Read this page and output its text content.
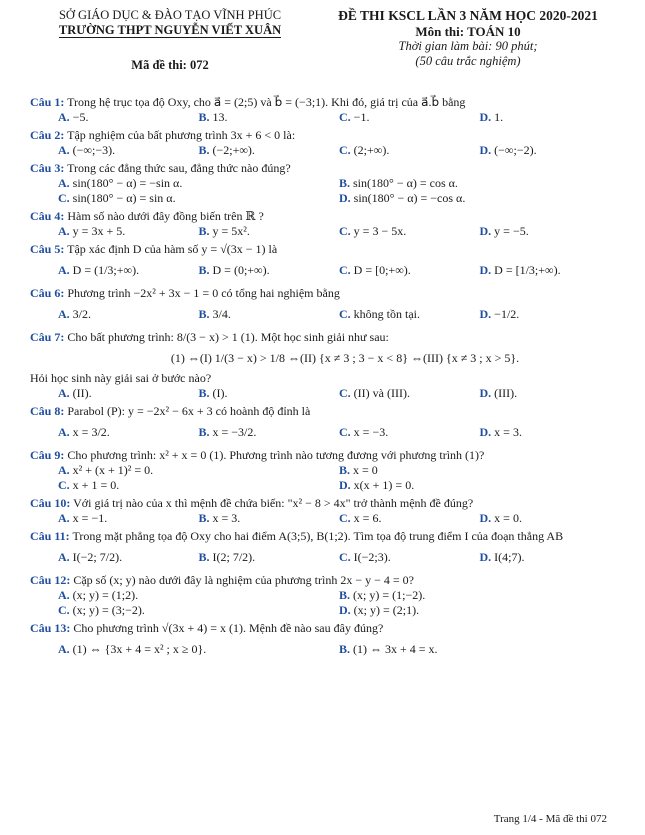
SỞ GIÁO DỤC & ĐÀO TẠO VĨNH PHÚC
TRƯỜNG THPT NGUYỄN VIẾT XUÂN
Mã đề thi: 072
ĐỀ THI KSCL LẦN 3 NĂM HỌC 2020-2021
Môn thi: TOÁN 10
Thời gian làm bài: 90 phút;
(50 câu trắc nghiệm)
Câu 1: Trong hệ trục tọa độ Oxy, cho a⃗ = (2;5) và b⃗ = (−3;1). Khi đó, giá trị của a⃗.b⃗ bằng
A. −5.	B. 13.	C. −1.	D. 1.
Câu 2: Tập nghiệm của bất phương trình 3x + 6 < 0 là:
A. (−∞;−3).	B. (−2;+∞).	C. (2;+∞).	D. (−∞;−2).
Câu 3: Trong các đẳng thức sau, đẳng thức nào đúng?
A. sin(180° − α) = −sin α.	B. sin(180° − α) = cos α.
C. sin(180° − α) = sin α.	D. sin(180° − α) = −cos α.
Câu 4: Hàm số nào dưới đây đồng biến trên ℝ ?
A. y = 3x + 5.	B. y = 5x².	C. y = 3 − 5x.	D. y = −5.
Câu 5: Tập xác định D của hàm số y = √(3x − 1) là
A. D = (1/3;+∞).	B. D = (0;+∞).	C. D = [0;+∞).	D. D = [1/3;+∞).
Câu 6: Phương trình −2x² + 3x − 1 = 0 có tổng hai nghiệm bằng
A. 3/2.	B. 3/4.	C. không tồn tại.	D. −1/2.
Câu 7: Cho bất phương trình: 8/(3 − x) > 1 (1). Một học sinh giải như sau:
(1) ⇔(I) 1/(3 − x) > 1/8 ⇔(II) {x ≠ 3 ; 3 − x < 8} ⇔(III) {x ≠ 3 ; x > 5}.
Hỏi học sinh này giải sai ở bước nào?
A. (II).	B. (I).	C. (II) và (III).	D. (III).
Câu 8: Parabol (P): y = −2x² − 6x + 3 có hoành độ đỉnh là
A. x = 3/2.	B. x = −3/2.	C. x = −3.	D. x = 3.
Câu 9: Cho phương trình: x² + x = 0 (1). Phương trình nào tương đương với phương trình (1)?
A. x² + (x + 1)² = 0.	B. x = 0
C. x + 1 = 0.	D. x(x + 1) = 0.
Câu 10: Với giá trị nào của x thì mệnh đề chứa biến: "x² − 8 > 4x" trở thành mệnh đề đúng?
A. x = −1.	B. x = 3.	C. x = 6.	D. x = 0.
Câu 11: Trong mặt phẳng tọa độ Oxy cho hai điểm A(3;5), B(1;2). Tìm tọa độ trung điểm I của đoạn thẳng AB
A. I(−2; 7/2).	B. I(2; 7/2).	C. I(−2;3).	D. I(4;7).
Câu 12: Cặp số (x; y) nào dưới đây là nghiệm của phương trình 2x − y − 4 = 0?
A. (x; y) = (1;2).	B. (x; y) = (1;−2).
C. (x; y) = (3;−2).	D. (x; y) = (2;1).
Câu 13: Cho phương trình √(3x + 4) = x (1). Mệnh đề nào sau đây đúng?
A. (1) ⇔ {3x + 4 = x² ; x ≥ 0}.	B. (1) ⇔ 3x + 4 = x.
Trang 1/4 - Mã đề thi 072
